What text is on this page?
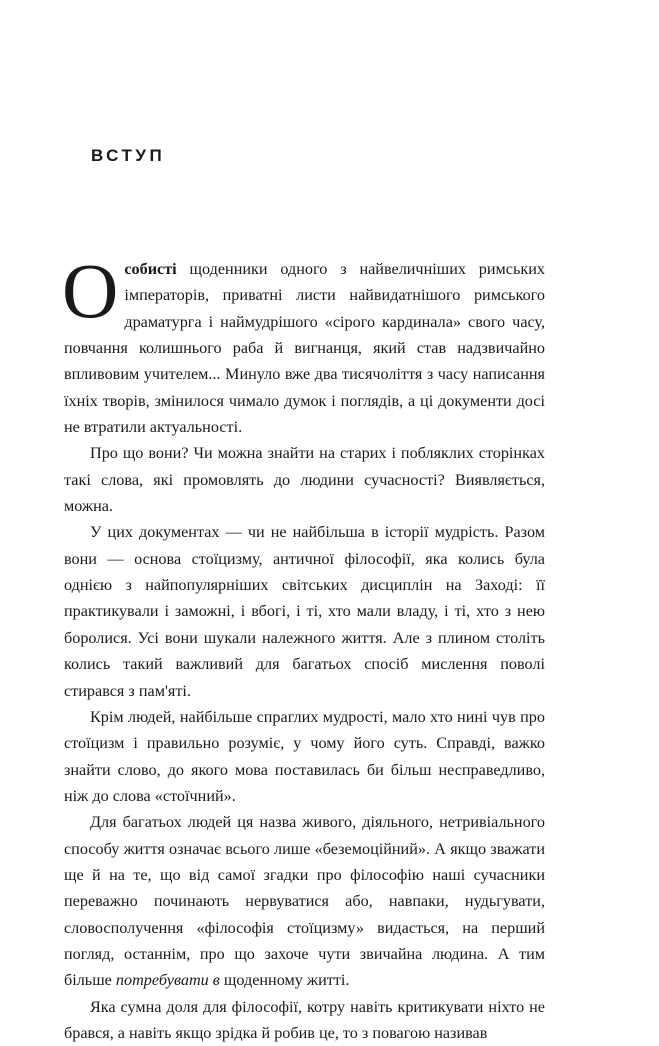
ВСТУП

Особисті щоденники одного з найвеличніших римських імператорів, приватні листи найвидатнішого римського драматурга і наймудрішого «сірого кардинала» свого часу, повчання колишнього раба й вигнанця, який став надзвичайно впливовим учителем... Минуло вже два тисячоліття з часу написання їхніх творів, змінилося чимало думок і поглядів, а ці документи досі не втратили актуальності.

Про що вони? Чи можна знайти на старих і побляклих сторінках такі слова, які промовлять до людини сучасності? Виявляється, можна.

У цих документах — чи не найбільша в історії мудрість. Разом вони — основа стоїцизму, античної філософії, яка колись була однією з найпопулярніших світських дисциплін на Заході: її практикували і заможні, і вбогі, і ті, хто мали владу, і ті, хто з нею боролися. Усі вони шукали належного життя. Але з плином століть колись такий важливий для багатьох спосіб мислення поволі стирався з пам'яті.

Крім людей, найбільше спраглих мудрості, мало хто нині чув про стоїцизм і правильно розуміє, у чому його суть. Справді, важко знайти слово, до якого мова поставилась би більш несправедливо, ніж до слова «стоїчний».

Для багатьох людей ця назва живого, діяльного, нетривіального способу життя означає всього лише «беземоційний». А якщо зважати ще й на те, що від самої згадки про філософію наші сучасники переважно починають нервуватися або, навпаки, нудьгувати, словосполучення «філософія стоїцизму» видасться, на перший погляд, останнім, про що захоче чути звичайна людина. А тим більше потребувати в щоденному житті.

Яка сумна доля для філософії, котру навіть критикувати ніхто не брався, а навіть якщо зрідка й робив це, то з повагою називав
